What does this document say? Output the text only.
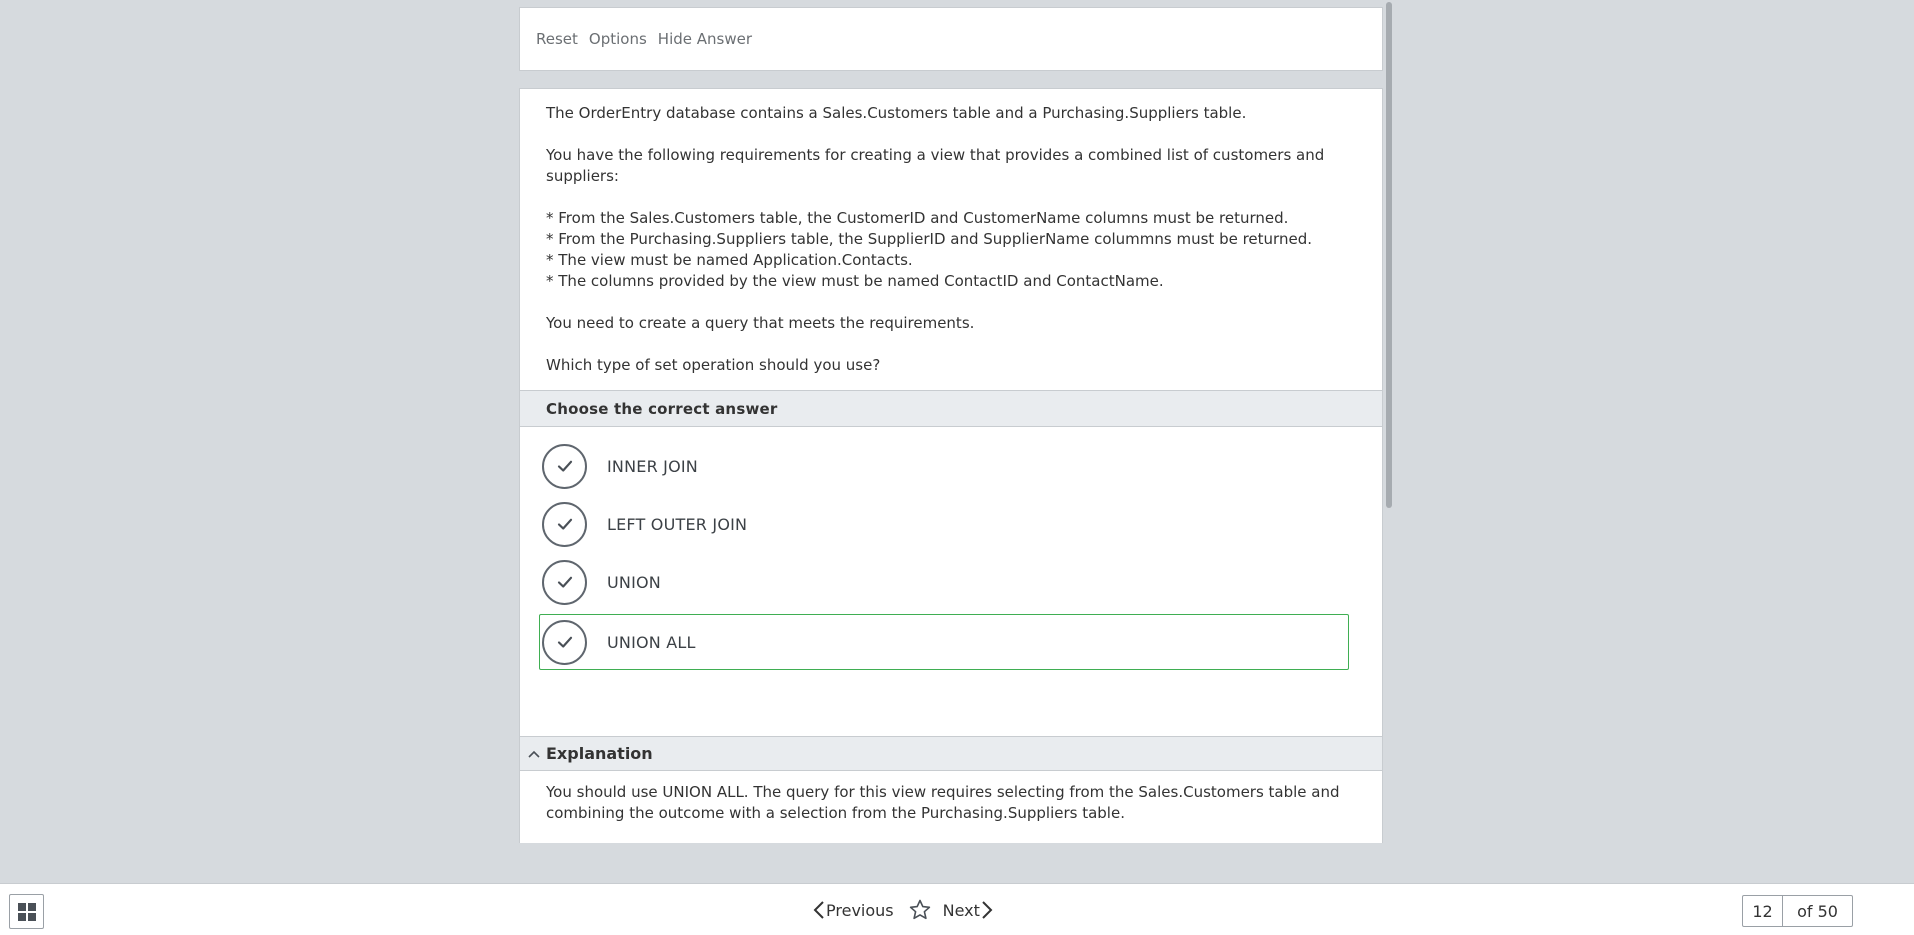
Reset Options Hide Answer

The OrderEntry database contains a Sales.Customers table and a Purchasing.Suppliers table.

You have the following requirements for creating a view that provides a combined list of customers and suppliers:

* From the Sales.Customers table, the CustomerID and CustomerName columns must be returned.
* From the Purchasing.Suppliers table, the SupplierID and SupplierName colummns must be returned.
* The view must be named Application.Contacts.
* The columns provided by the view must be named ContactID and ContactName.

You need to create a query that meets the requirements.

Which type of set operation should you use?

Choose the correct answer
INNER JOIN
LEFT OUTER JOIN
UNION
UNION ALL
Explanation
You should use UNION ALL. The query for this view requires selecting from the Sales.Customers table and combining the outcome with a selection from the Purchasing.Suppliers table.
Previous	Next	12	of 50
